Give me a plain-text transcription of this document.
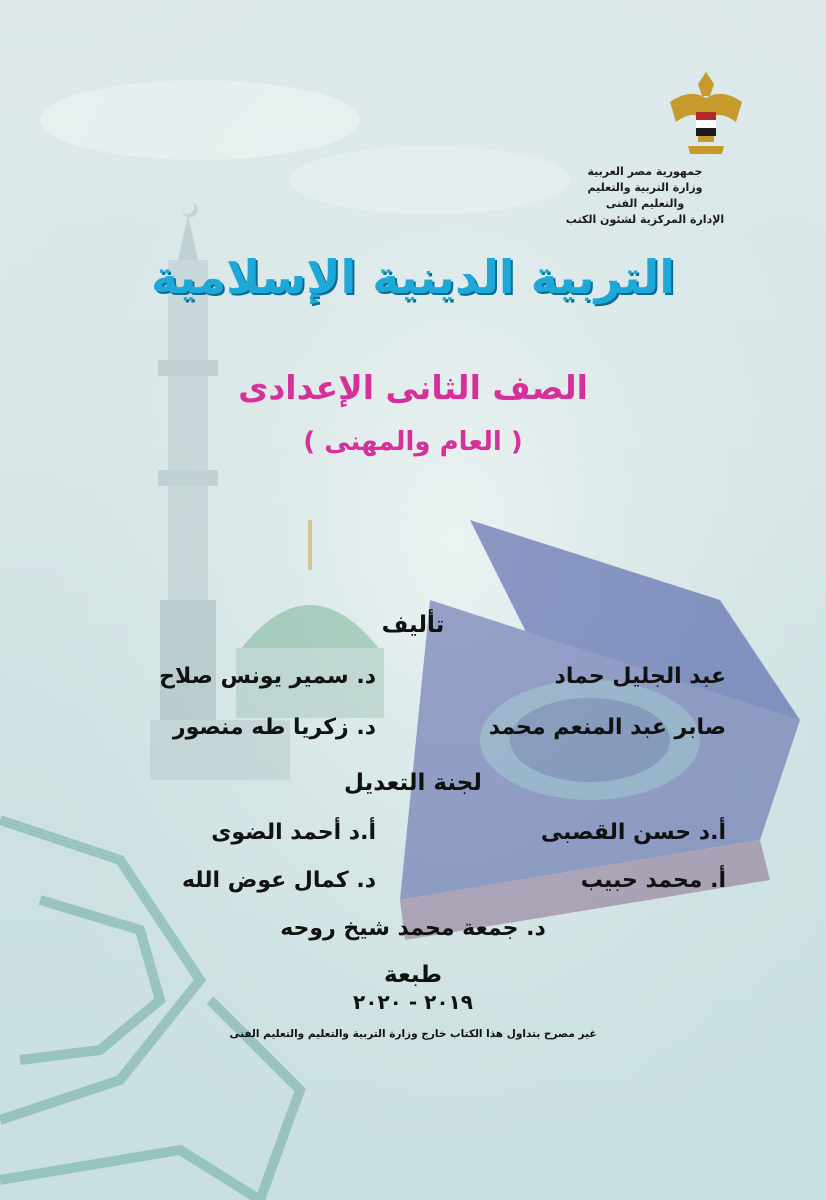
جمهورية مصر العربية
وزارة التربية والتعليم
والتعليم الفنى
الإدارة المركزية لشئون الكتب
التربية الدينية الإسلامية
الصف الثانى الإعدادى
( العام والمهنى )
تأليف
عبد الجليل حماد
د. سمير يونس صلاح
صابر عبد المنعم محمد
د. زكريا طه منصور
لجنة التعديل
أ.د حسن القصبى
أ.د أحمد الضوى
أ. محمد حبيب
د. كمال عوض الله
د. جمعة محمد شيخ روحه
طبعة
٢٠١٩ - ٢٠٢٠
غير مصرح بتداول هذا الكتاب خارج وزارة التربية والتعليم والتعليم الفنى
